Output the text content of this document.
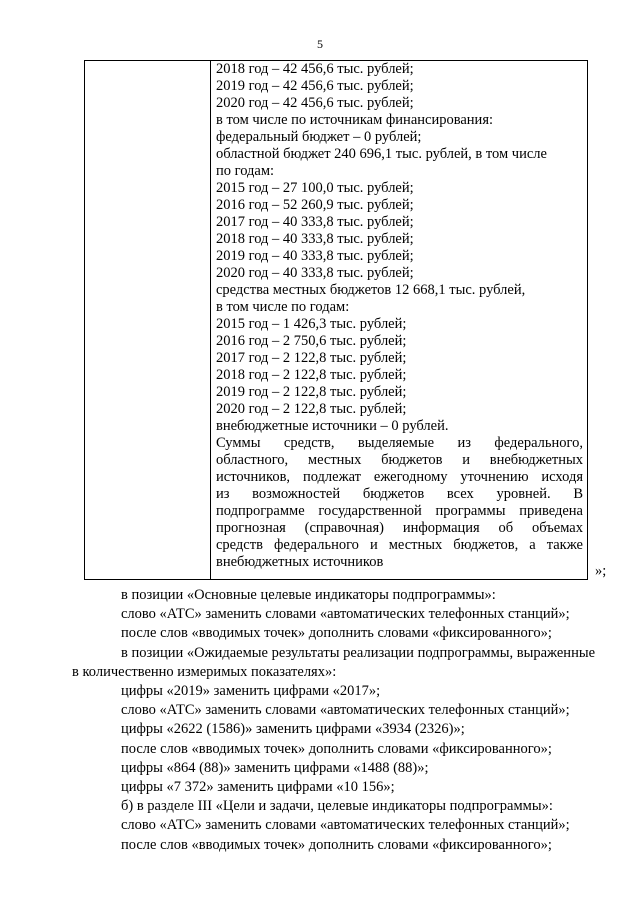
5
2018 год – 42 456,6 тыс. рублей;
2019 год – 42 456,6 тыс. рублей;
2020 год – 42 456,6 тыс. рублей;
в том числе по источникам финансирования:
федеральный бюджет – 0 рублей;
областной бюджет 240 696,1 тыс. рублей, в том числе
по годам:
2015 год – 27 100,0 тыс. рублей;
2016 год – 52 260,9 тыс. рублей;
2017 год – 40 333,8 тыс. рублей;
2018 год – 40 333,8 тыс. рублей;
2019 год – 40 333,8 тыс. рублей;
2020 год – 40 333,8 тыс. рублей;
средства местных бюджетов 12 668,1 тыс. рублей,
в том числе по годам:
2015 год – 1 426,3 тыс. рублей;
2016 год – 2 750,6 тыс. рублей;
2017 год – 2 122,8 тыс. рублей;
2018 год – 2 122,8 тыс. рублей;
2019 год – 2 122,8 тыс. рублей;
2020 год – 2 122,8 тыс. рублей;
внебюджетные источники – 0 рублей.
Суммы средств, выделяемые из федерального,
областного, местных бюджетов и внебюджетных
источников, подлежат ежегодному уточнению исходя
из возможностей бюджетов всех уровней. В
подпрограмме государственной программы приведена
прогнозная (справочная) информация об объемах
средств федерального и местных бюджетов, а также
внебюджетных источников
»;
в позиции «Основные целевые индикаторы подпрограммы»:
слово «АТС» заменить словами «автоматических телефонных станций»;
после слов «вводимых точек» дополнить словами «фиксированного»;
в позиции «Ожидаемые результаты реализации подпрограммы, выраженные
в количественно измеримых показателях»:
цифры «2019» заменить цифрами «2017»;
слово «АТС» заменить словами «автоматических телефонных станций»;
цифры «2622 (1586)» заменить цифрами «3934 (2326)»;
после слов «вводимых точек» дополнить словами «фиксированного»;
цифры «864 (88)» заменить цифрами «1488 (88)»;
цифры «7 372» заменить цифрами «10 156»;
б) в разделе III «Цели и задачи, целевые индикаторы подпрограммы»:
слово «АТС» заменить словами «автоматических телефонных станций»;
после слов «вводимых точек» дополнить словами «фиксированного»;
